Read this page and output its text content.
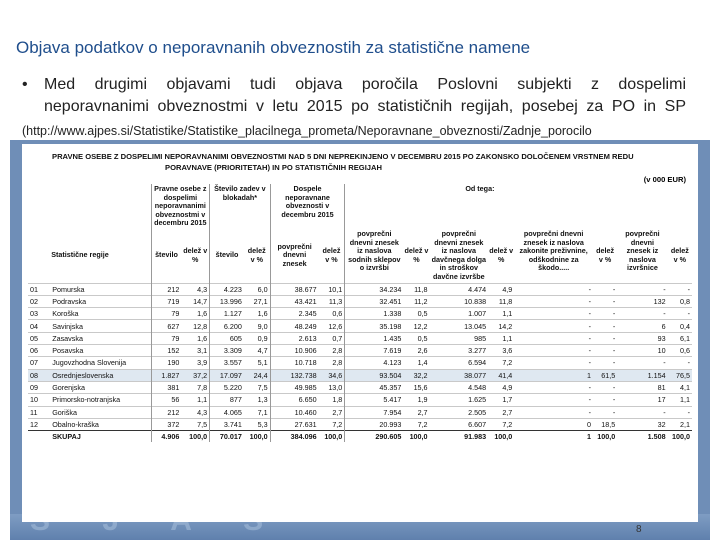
Objava podatkov o neporavnanih obveznostih za statistične namene
•	Med drugimi objavami tudi objava poročila Poslovni subjekti z dospelimi
neporavnanimi obveznostmi v letu 2015 po statističnih regijah, posebej za PO in SP
(http://www.ajpes.si/Statistike/Statistike_placilnega_prometa/Neporavnane_obveznosti/Zadnje_porocilo
PRAVNE OSEBE Z DOSPELIMI NEPORAVNANIMI OBVEZNOSTMI NAD 5 DNI NEPREKINJENO V DECEMBRU 2015 PO ZAKONSKO DOLOČENEM VRSTNEM REDU
PORAVNAVE (PRIORITETAH) IN PO STATISTIČNIH REGIJAH
(v 000 EUR)
		Pravne osebe z dospelimi neporavnanimi obveznostmi v decembru 2015		Število zadev v blokadah*		Dospele neporavnane obveznosti v decembru 2015		Od tega:							
	Statistične regije	število	delež v %	število	delež v %	povprečni dnevni znesek	delež v %	povprečni dnevni znesek iz naslova sodnih sklepov o izvršbi	delež v %	povprečni dnevni znesek iz naslova davčnega dolga in stroškov davčne izvršbe	delež v %	povprečni dnevni znesek iz naslova zakonite preživnine, odškodnine za škodo.....	delež v %	povprečni dnevni znesek iz naslova izvršnice	delež v %
01	Pomurska	212	4,3	4.223	6,0	38.677	10,1	34.234	11,8	4.474	4,9	-	-	-	-
02	Podravska	719	14,7	13.996	27,1	43.421	11,3	32.451	11,2	10.838	11,8	-	-	132	0,8
03	Koroška	79	1,6	1.127	1,6	2.345	0,6	1.338	0,5	1.007	1,1	-	-	-	-
04	Savinjska	627	12,8	6.200	9,0	48.249	12,6	35.198	12,2	13.045	14,2	-	-	6	0,4
05	Zasavska	79	1,6	605	0,9	2.613	0,7	1.435	0,5	985	1,1	-	-	93	6,1
06	Posavska	152	3,1	3.309	4,7	10.906	2,8	7.619	2,6	3.277	3,6	-	-	10	0,6
07	Jugovzhodna Slovenija	190	3,9	3.557	5,1	10.718	2,8	4.123	1,4	6.594	7,2	-	-	-	-
08	Osrednjeslovenska	1.827	37,2	17.097	24,4	132.738	34,6	93.504	32,2	38.077	41,4	1	61,5	1.154	76,5
09	Gorenjska	381	7,8	5.220	7,5	49.985	13,0	45.357	15,6	4.548	4,9	-	-	81	4,1
10	Primorsko-notranjska	56	1,1	877	1,3	6.650	1,8	5.417	1,9	1.625	1,7	-	-	17	1,1
11	Goriška	212	4,3	4.065	7,1	10.460	2,7	7.954	2,7	2.505	2,7	-	-	-	-
12	Obalno-kraška	372	7,5	3.741	5,3	27.631	7,2	20.993	7,2	6.607	7,2	0	18,5	32	2,1
	SKUPAJ	4.906	100,0	70.017	100,0	384.096	100,0	290.605	100,0	91.983	100,0	1	100,0	1.508	100,0
8
